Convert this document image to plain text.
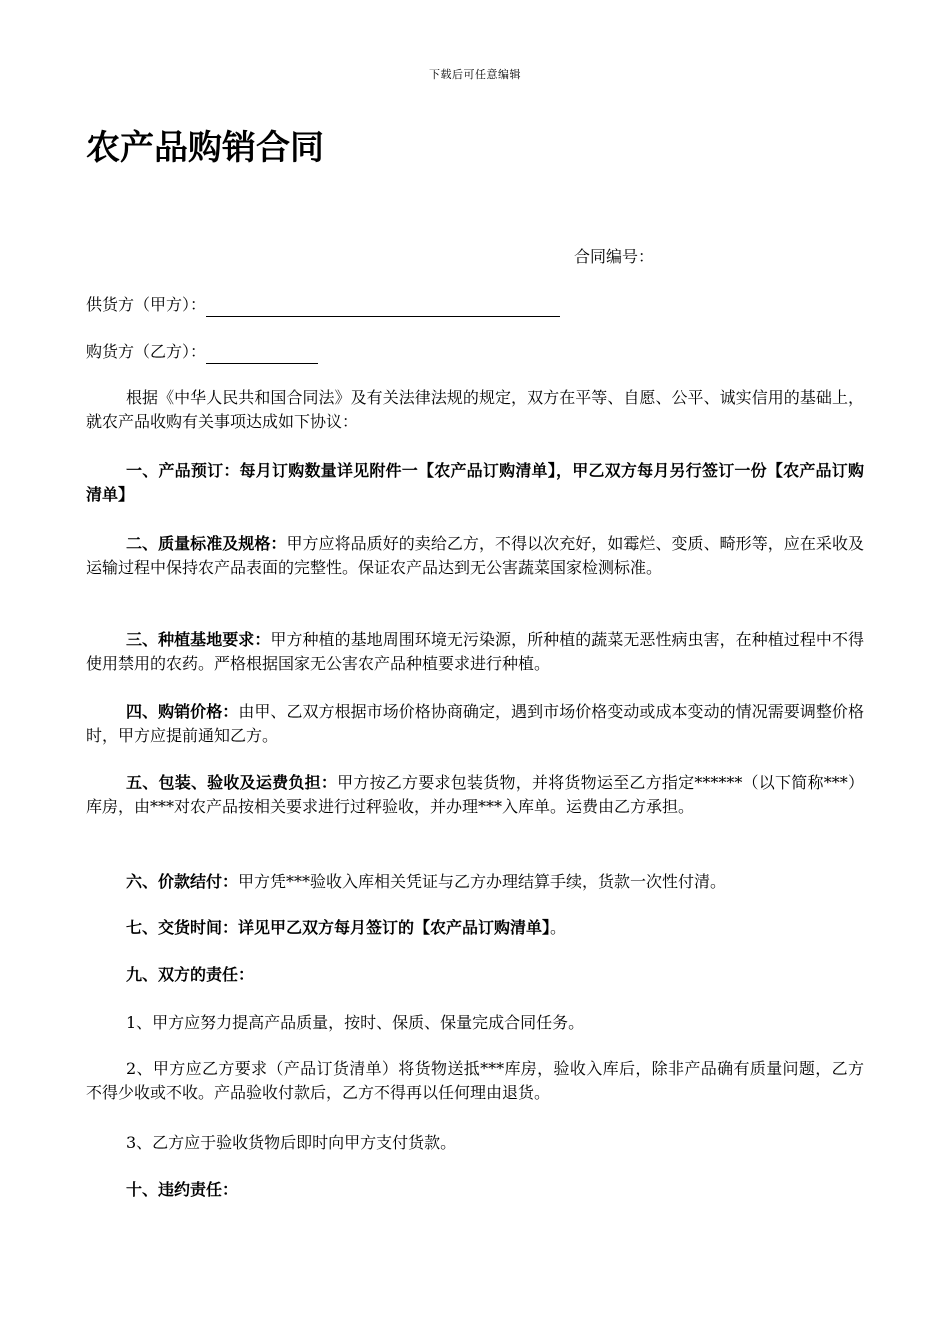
下载后可任意编辑
农产品购销合同
合同编号：
供货方（甲方）：
购货方（乙方）：

根据《中华人民共和国合同法》及有关法律法规的规定，双方在平等、自愿、公平、诚实信用的基础上，就农产品收购有关事项达成如下协议：

一、产品预订：每月订购数量详见附件一【农产品订购清单】，甲乙双方每月另行签订一份【农产品订购清单】

二、质量标准及规格：甲方应将品质好的卖给乙方，不得以次充好，如霉烂、变质、畸形等，应在采收及运输过程中保持农产品表面的完整性。保证农产品达到无公害蔬菜国家检测标准。

三、种植基地要求：甲方种植的基地周围环境无污染源，所种植的蔬菜无恶性病虫害，在种植过程中不得使用禁用的农药。严格根据国家无公害农产品种植要求进行种植。

四、购销价格：由甲、乙双方根据市场价格协商确定，遇到市场价格变动或成本变动的情况需要调整价格时，甲方应提前通知乙方。

五、包装、验收及运费负担：甲方按乙方要求包装货物，并将货物运至乙方指定******（以下简称***）库房，由***对农产品按相关要求进行过秤验收，并办理***入库单。运费由乙方承担。

六、价款结付：甲方凭***验收入库相关凭证与乙方办理结算手续，货款一次性付清。

七、交货时间：详见甲乙双方每月签订的【农产品订购清单】。

九、双方的责任：

1、甲方应努力提高产品质量，按时、保质、保量完成合同任务。

2、甲方应乙方要求（产品订货清单）将货物送抵***库房，验收入库后，除非产品确有质量问题，乙方不得少收或不收。产品验收付款后，乙方不得再以任何理由退货。

3、乙方应于验收货物后即时向甲方支付货款。

十、违约责任：
